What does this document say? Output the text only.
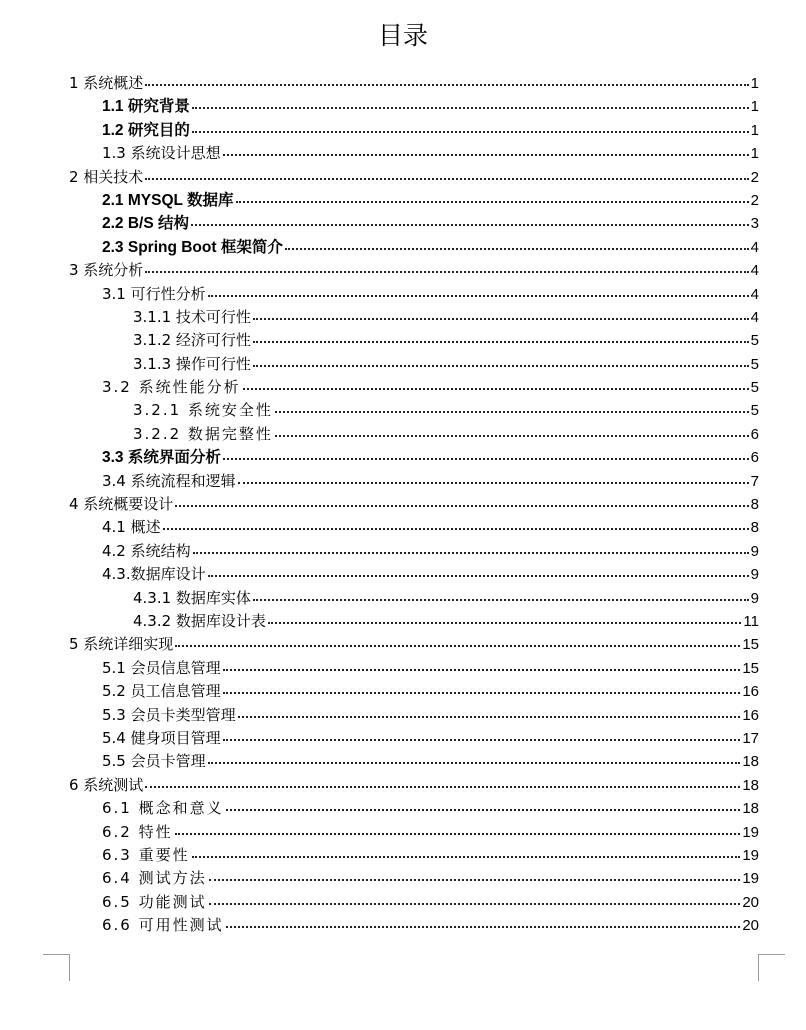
目录
1 系统概述	1
1.1 研究背景	1
1.2 研究目的	1
1.3 系统设计思想	1
2 相关技术	2
2.1 MYSQL 数据库	2
2.2 B/S 结构	3
2.3 Spring Boot 框架简介	4
3 系统分析	4
3.1 可行性分析	4
3.1.1 技术可行性	4
3.1.2 经济可行性	5
3.1.3 操作可行性	5
3.2 系统性能分析	5
3.2.1 系统安全性	5
3.2.2 数据完整性	6
3.3 系统界面分析	6
3.4 系统流程和逻辑	7
4 系统概要设计	8
4.1 概述	8
4.2 系统结构	9
4.3.数据库设计	9
4.3.1 数据库实体	9
4.3.2 数据库设计表	11
5 系统详细实现	15
5.1 会员信息管理	15
5.2 员工信息管理	16
5.3 会员卡类型管理	16
5.4 健身项目管理	17
5.5 会员卡管理	18
6 系统测试	18
6.1 概念和意义	18
6.2 特性	19
6.3 重要性	19
6.4 测试方法	19
6.5 功能测试	20
6.6 可用性测试	20
